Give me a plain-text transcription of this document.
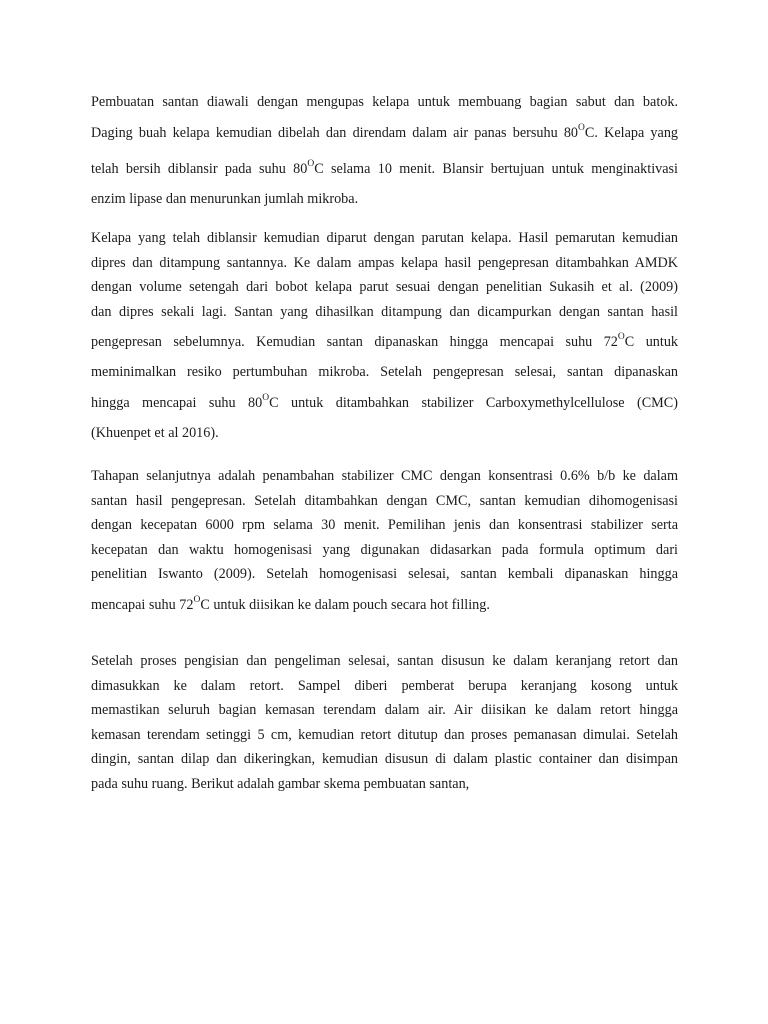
Pembuatan santan diawali dengan mengupas kelapa untuk membuang bagian sabut dan batok.
Daging buah kelapa kemudian dibelah dan direndam dalam air panas bersuhu $80^OC$. Kelapa yang
telah bersih diblansir pada suhu $80^OC$ selama 10 menit. Blansir bertujuan untuk menginaktivasi
enzim lipase dan menurunkan jumlah mikroba.

Kelapa yang telah diblansir kemudian diparut dengan parutan kelapa. Hasil pemarutan kemudian
dipres dan ditampung santannya. Ke dalam ampas kelapa hasil pengepresan ditambahkan AMDK
dengan volume setengah dari bobot kelapa parut sesuai dengan penelitian Sukasih et al. (2009)
dan dipres sekali lagi. Santan yang dihasilkan ditampung dan dicampurkan dengan santan hasil
pengepresan sebelumnya. Kemudian santan dipanaskan hingga mencapai suhu $72^OC$ untuk
meminimalkan resiko pertumbuhan mikroba. Setelah pengepresan selesai, santan dipanaskan
hingga mencapai suhu $80^OC$ untuk ditambahkan stabilizer Carboxymethylcellulose (CMC)
(Khuenpet et al 2016).

Tahapan selanjutnya adalah penambahan stabilizer CMC dengan konsentrasi 0.6% b/b ke dalam
santan hasil pengepresan. Setelah ditambahkan dengan CMC, santan kemudian dihomogenisasi
dengan kecepatan 6000 rpm selama 30 menit. Pemilihan jenis dan konsentrasi stabilizer serta
kecepatan dan waktu homogenisasi yang digunakan didasarkan pada formula optimum dari
penelitian Iswanto (2009). Setelah homogenisasi selesai, santan kembali dipanaskan hingga
mencapai suhu $72^OC$ untuk diisikan ke dalam pouch secara hot filling.

Setelah proses pengisian dan pengeliman selesai, santan disusun ke dalam keranjang retort dan
dimasukkan ke dalam retort. Sampel diberi pemberat berupa keranjang kosong untuk
memastikan seluruh bagian kemasan terendam dalam air. Air diisikan ke dalam retort hingga
kemasan terendam setinggi 5 cm, kemudian retort ditutup dan proses pemanasan dimulai. Setelah
dingin, santan dilap dan dikeringkan, kemudian disusun di dalam plastic container dan disimpan
pada suhu ruang. Berikut adalah gambar skema pembuatan santan,
